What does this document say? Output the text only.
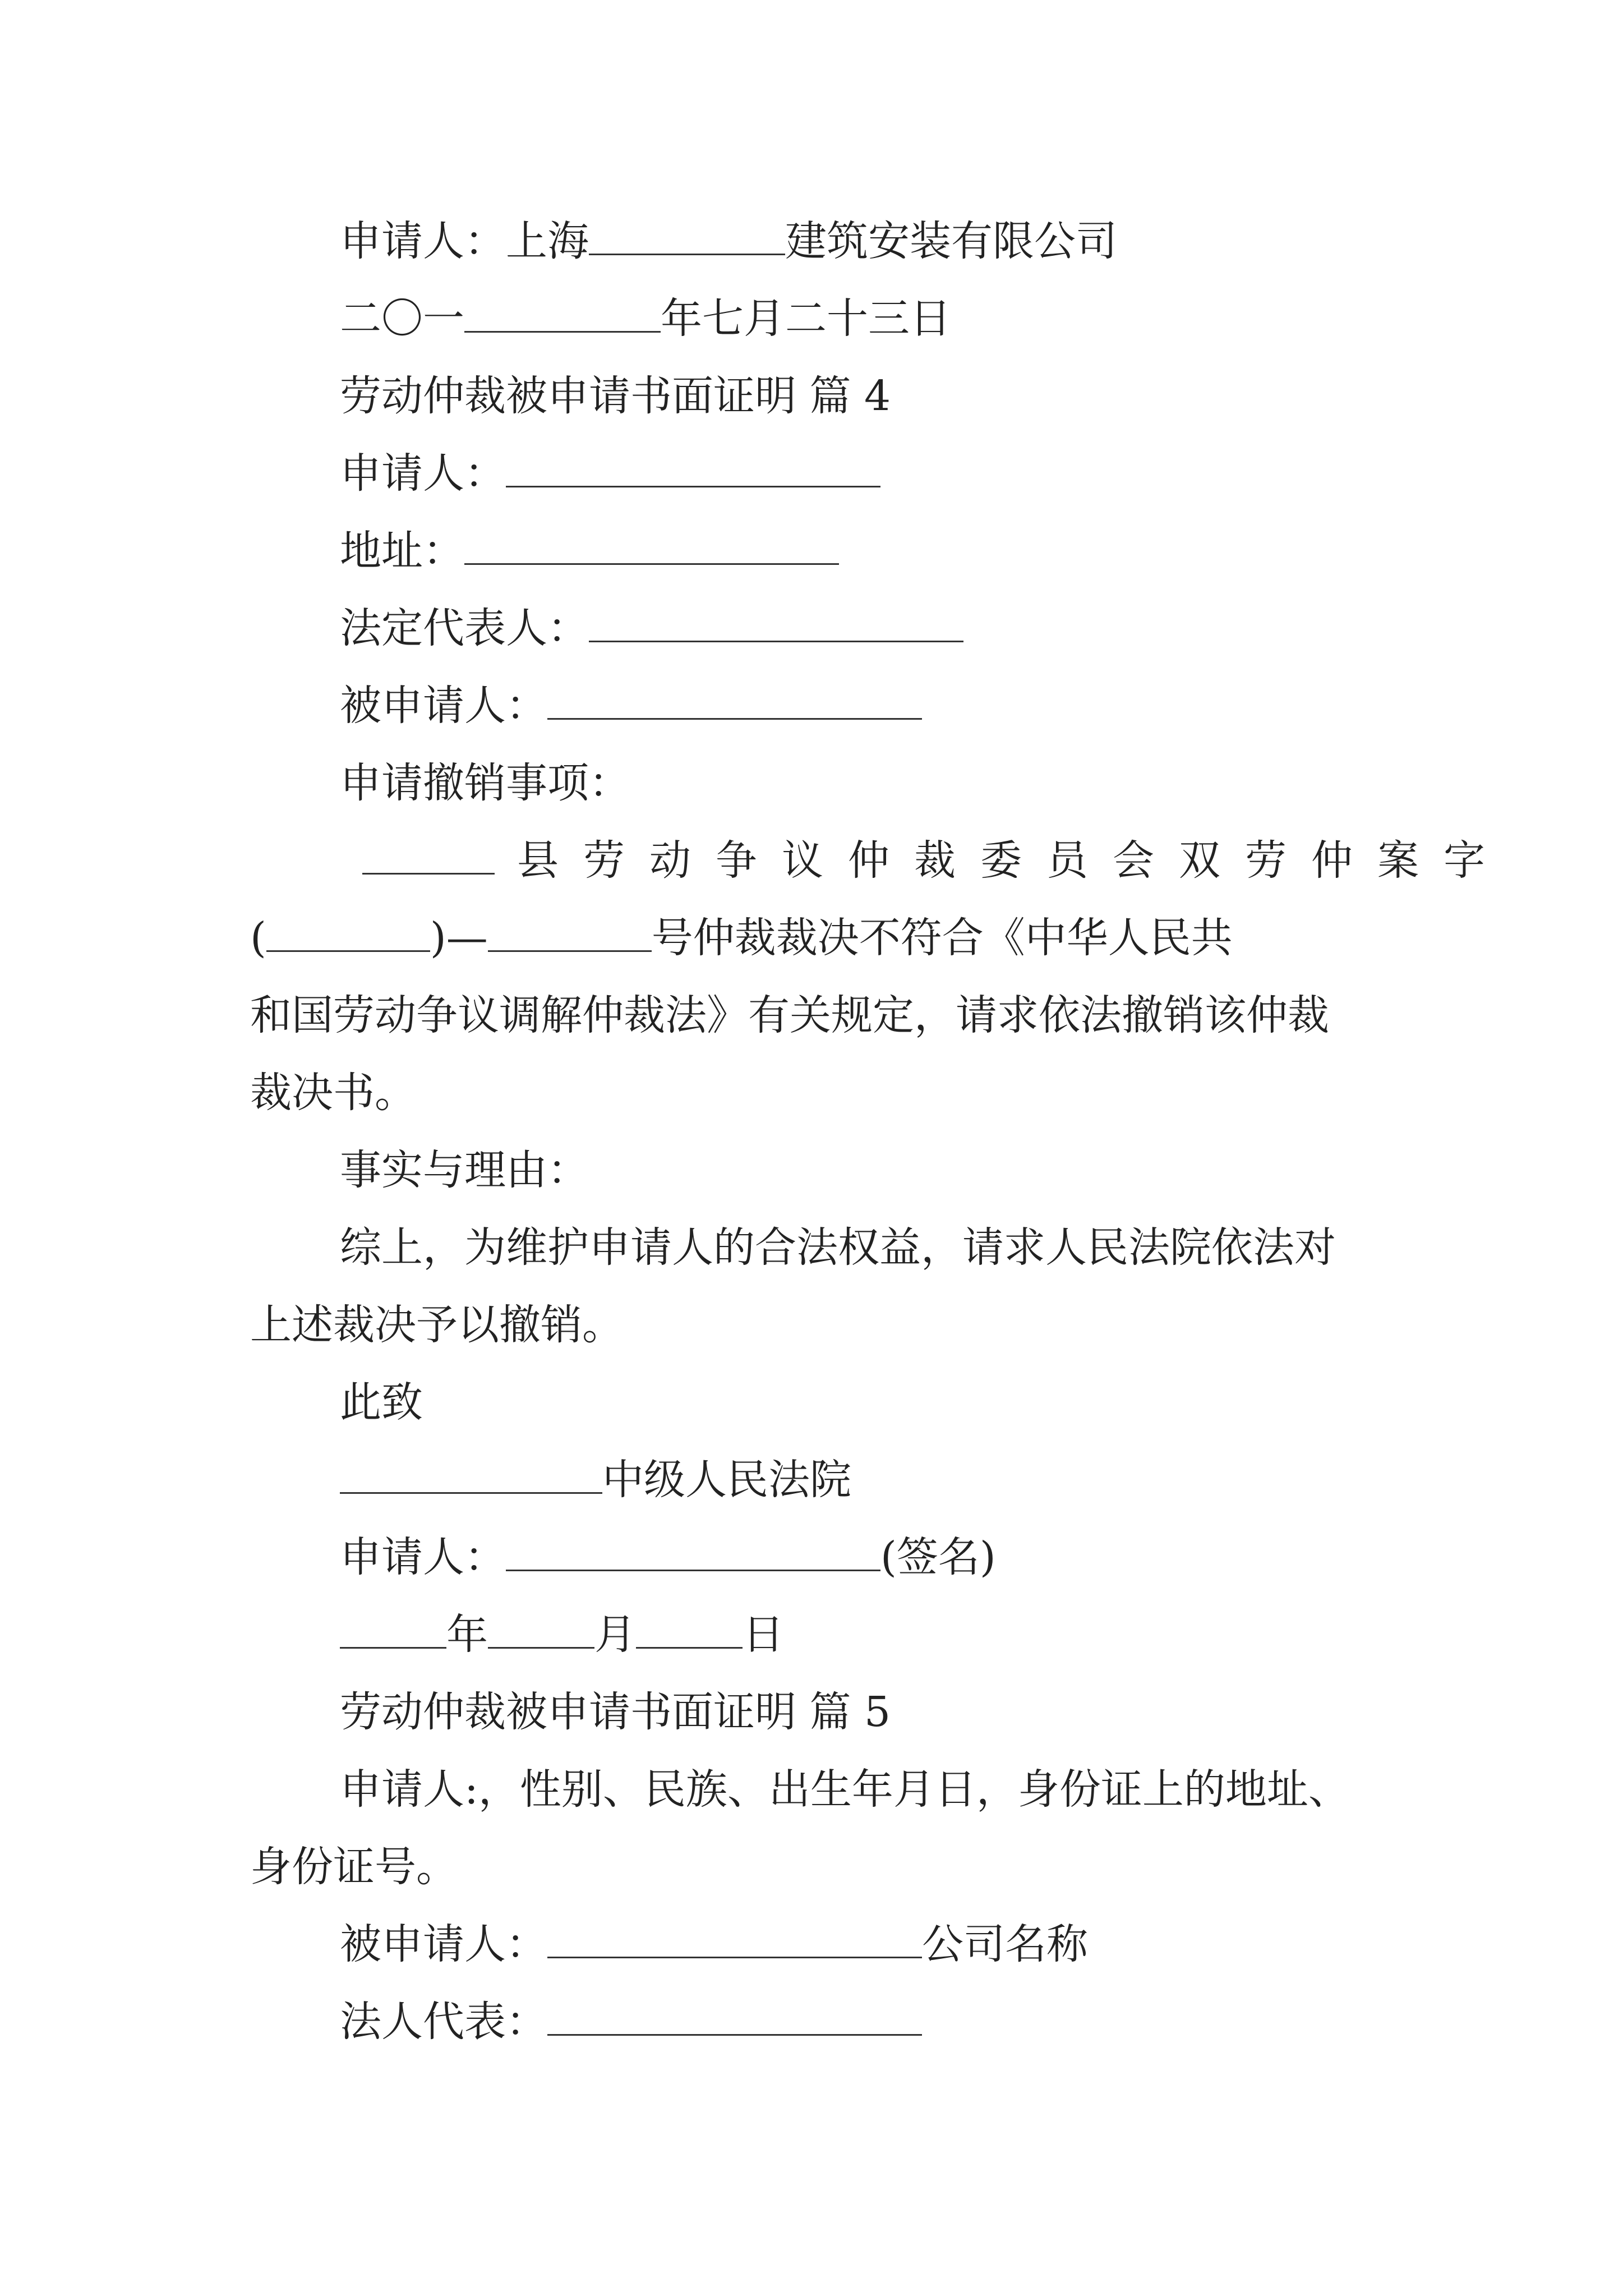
申请人：上海	建筑安装有限公司
二〇一	年七月二十三日
劳动仲裁被申请书面证明 篇 4
申请人：
地址：
法定代表人：
被申请人：
申请撤销事项：
县劳动争议仲裁委员会双劳仲案字
(	)—	号仲裁裁决不符合《中华人民共
和国劳动争议调解仲裁法》有关规定，请求依法撤销该仲裁
裁决书。
事实与理由：
综上，为维护申请人的合法权益，请求人民法院依法对
上述裁决予以撤销。
此致
中级人民法院
申请人：	(签名)
年	月	日
劳动仲裁被申请书面证明 篇 5
申请人:，性别、民族、出生年月日，身份证上的地址、
身份证号。
被申请人：	公司名称
法人代表：
